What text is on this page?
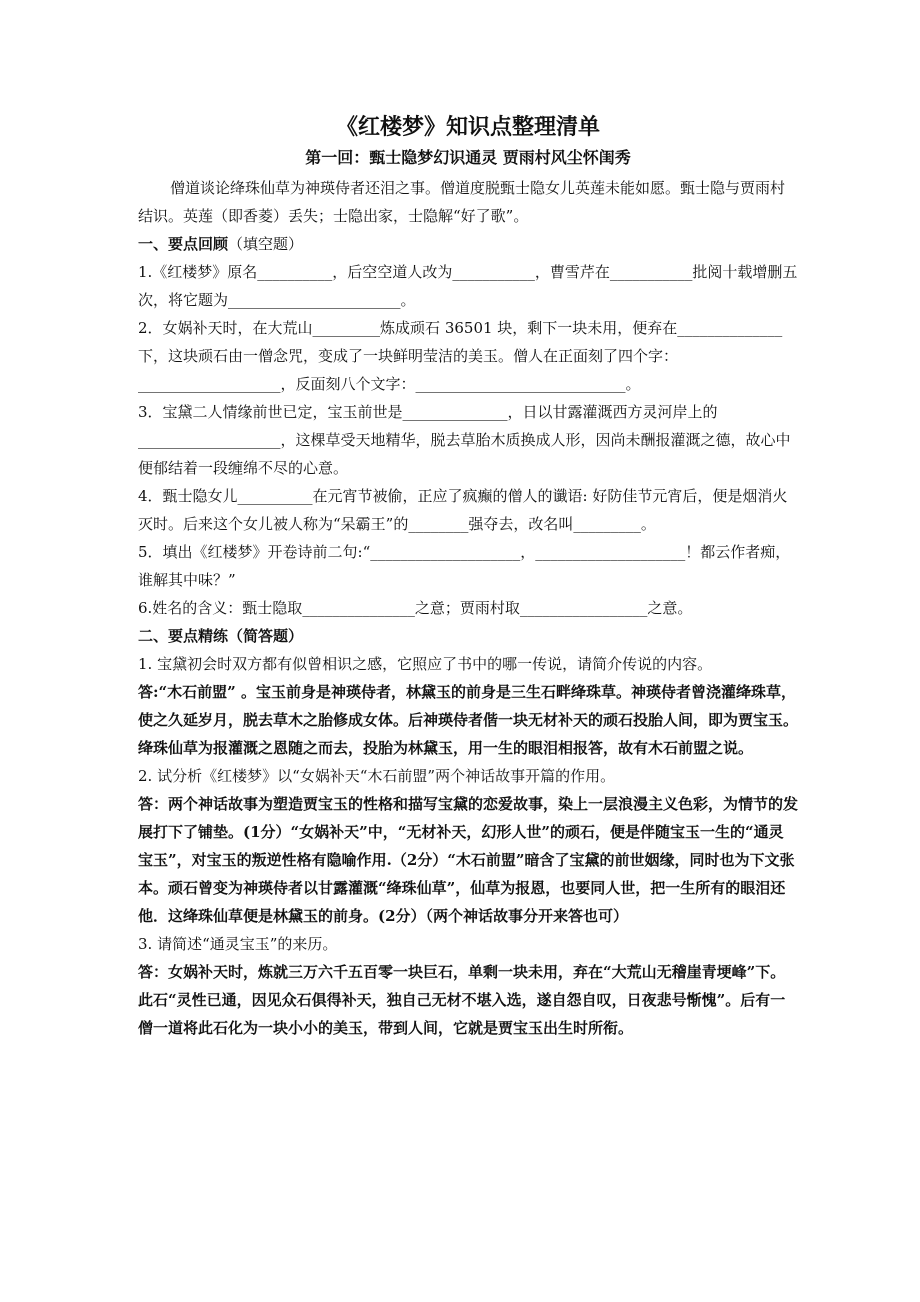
《红楼梦》知识点整理清单
第一回：甄士隐梦幻识通灵 贾雨村风尘怀闺秀

僧道谈论绛珠仙草为神瑛侍者还泪之事。僧道度脱甄士隐女儿英莲未能如愿。甄士隐与贾雨村结识。英莲（即香菱）丢失；士隐出家，士隐解“好了歌”。

一、要点回顾（填空题）

1.《红楼梦》原名__________，后空空道人改为___________，曹雪芹在___________批阅十载增删五次，将它题为_______________________。

2．女娲补天时，在大荒山_________炼成顽石 36501 块，剩下一块未用，便弃在______________下，这块顽石由一僧念咒，变成了一块鲜明莹洁的美玉。僧人在正面刻了四个字：___________________，反面刻八个文字：____________________________。

3．宝黛二人情缘前世已定，宝玉前世是______________，日以甘露灌溉西方灵河岸上的___________________，这棵草受天地精华，脱去草胎木质换成人形，因尚未酬报灌溉之德，故心中便郁结着一段缠绵不尽的心意。

4．甄士隐女儿__________在元宵节被偷，正应了疯癫的僧人的谶语: 好防佳节元宵后，便是烟消火灭时。后来这个女儿被人称为“呆霸王”的________强夺去，改名叫_________。

5．填出《红楼梦》开卷诗前二句:“____________________，____________________！都云作者痴，谁解其中味？”

6.姓名的含义：甄士隐取_______________之意；贾雨村取_________________之意。

二、要点精练（简答题）

1. 宝黛初会时双方都有似曾相识之感，它照应了书中的哪一传说，请简介传说的内容。

答:“木石前盟” 。宝玉前身是神瑛侍者，林黛玉的前身是三生石畔绛珠草。神瑛侍者曾浇灌绛珠草，使之久延岁月，脱去草木之胎修成女体。后神瑛侍者偕一块无材补天的顽石投胎人间，即为贾宝玉。绛珠仙草为报灌溉之恩随之而去，投胎为林黛玉，用一生的眼泪相报答，故有木石前盟之说。

2. 试分析《红楼梦》以“女娲补天“木石前盟”两个神话故事开篇的作用。

答：两个神话故事为塑造贾宝玉的性格和描写宝黛的恋爱故事，染上一层浪漫主义色彩，为情节的发展打下了铺垫。(1分）“女娲补天”中，“无材补天，幻形人世”的顽石，便是伴随宝玉一生的“通灵宝玉”，对宝玉的叛逆性格有隐喻作用.（2分）“木石前盟”暗含了宝黛的前世姻缘，同时也为下文张本。顽石曾变为神瑛侍者以甘露灌溉“绛珠仙草”，仙草为报恩，也要同人世，把一生所有的眼泪还他．这绛珠仙草便是林黛玉的前身。(2分）（两个神话故事分开来答也可）

3. 请简述“通灵宝玉”的来历。

答：女娲补天时，炼就三万六千五百零一块巨石，单剩一块未用，弃在“大荒山无稽崖青埂峰”下。此石“灵性已通，因见众石俱得补天，独自己无材不堪入选，遂自怨自叹，日夜悲号惭愧”。后有一僧一道将此石化为一块小小的美玉，带到人间，它就是贾宝玉出生时所衔。
